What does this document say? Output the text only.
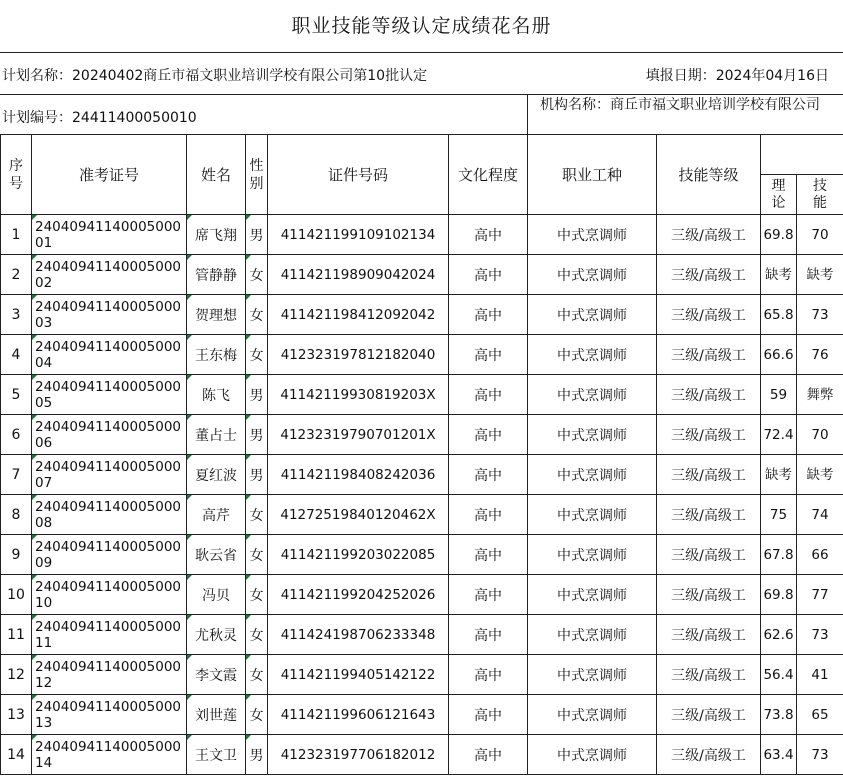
职业技能等级认定成绩花名册
计划名称：20240402商丘市福文职业培训学校有限公司第10批认定	填报日期：2024年04月16日
计划编号：24411400050010
机构名称：商丘市福文职业培训学校有限公司
序号	准考证号	姓名	性别	证件号码	文化程度	职业工种	技能等级		
								理论	技能
1	2404094114000500001	席飞翔	男	411421199109102134	高中	中式烹调师	三级/高级工	69.8	70
2	2404094114000500002	管静静	女	411421198909042024	高中	中式烹调师	三级/高级工	缺考	缺考
3	2404094114000500003	贺理想	女	411421198412092042	高中	中式烹调师	三级/高级工	65.8	73
4	2404094114000500004	王东梅	女	412323197812182040	高中	中式烹调师	三级/高级工	66.6	76
5	2404094114000500005	陈飞	男	41142119930819203X	高中	中式烹调师	三级/高级工	59	舞弊
6	2404094114000500006	董占士	男	41232319790701201X	高中	中式烹调师	三级/高级工	72.4	70
7	2404094114000500007	夏红波	男	411421198408242036	高中	中式烹调师	三级/高级工	缺考	缺考
8	2404094114000500008	高芹	女	41272519840120462X	高中	中式烹调师	三级/高级工	75	74
9	2404094114000500009	耿云省	女	411421199203022085	高中	中式烹调师	三级/高级工	67.8	66
10	2404094114000500010	冯贝	女	411421199204252026	高中	中式烹调师	三级/高级工	69.8	77
11	2404094114000500011	尤秋灵	女	411424198706233348	高中	中式烹调师	三级/高级工	62.6	73
12	2404094114000500012	李文霞	女	411421199405142122	高中	中式烹调师	三级/高级工	56.4	41
13	2404094114000500013	刘世莲	女	411421199606121643	高中	中式烹调师	三级/高级工	73.8	65
14	2404094114000500014	王文卫	男	412323197706182012	高中	中式烹调师	三级/高级工	63.4	73
